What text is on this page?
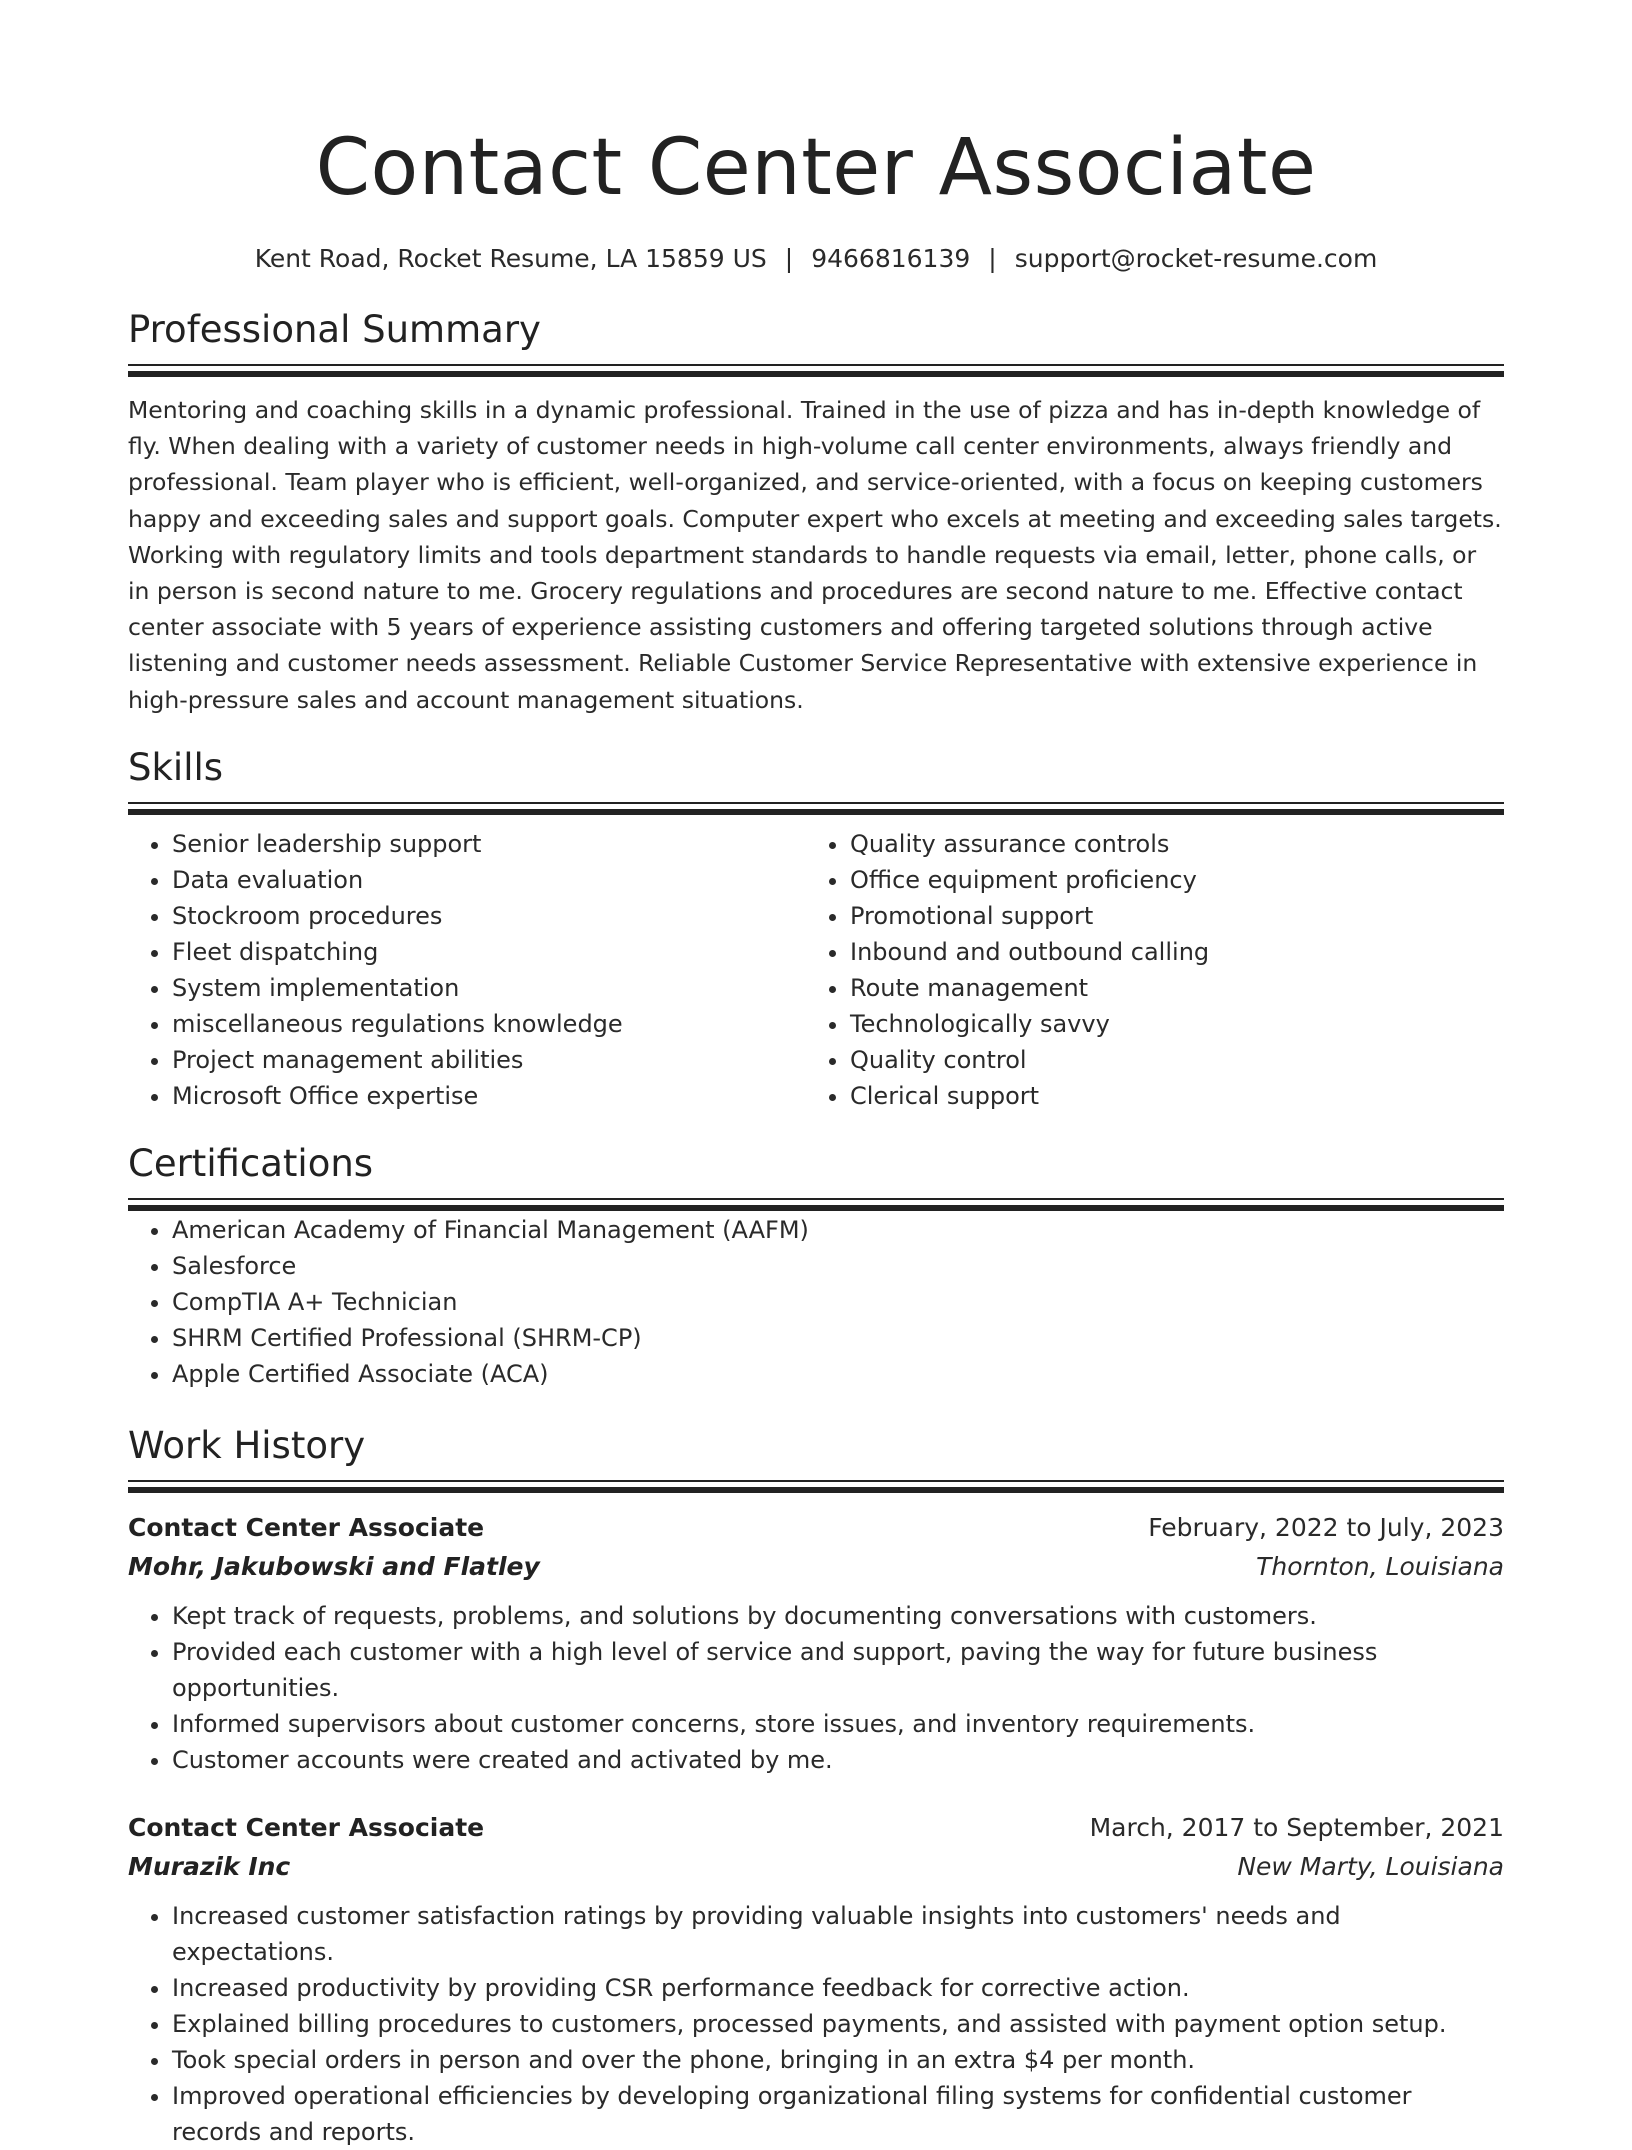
Contact Center Associate
Kent Road, Rocket Resume, LA 15859 US | 9466816139 | support@rocket-resume.com
Professional Summary
Mentoring and coaching skills in a dynamic professional. Trained in the use of pizza and has in-depth knowledge of fly. When dealing with a variety of customer needs in high-volume call center environments, always friendly and professional. Team player who is efficient, well-organized, and service-oriented, with a focus on keeping customers happy and exceeding sales and support goals. Computer expert who excels at meeting and exceeding sales targets. Working with regulatory limits and tools department standards to handle requests via email, letter, phone calls, or in person is second nature to me. Grocery regulations and procedures are second nature to me. Effective contact center associate with 5 years of experience assisting customers and offering targeted solutions through active listening and customer needs assessment. Reliable Customer Service Representative with extensive experience in high-pressure sales and account management situations.
Skills
• Senior leadership support
• Data evaluation
• Stockroom procedures
• Fleet dispatching
• System implementation
• miscellaneous regulations knowledge
• Project management abilities
• Microsoft Office expertise
• Quality assurance controls
• Office equipment proficiency
• Promotional support
• Inbound and outbound calling
• Route management
• Technologically savvy
• Quality control
• Clerical support
Certifications
• American Academy of Financial Management (AAFM)
• Salesforce
• CompTIA A+ Technician
• SHRM Certified Professional (SHRM-CP)
• Apple Certified Associate (ACA)
Work History
Contact Center Associate	February, 2022 to July, 2023
Mohr, Jakubowski and Flatley	Thornton, Louisiana
• Kept track of requests, problems, and solutions by documenting conversations with customers.
• Provided each customer with a high level of service and support, paving the way for future business opportunities.
• Informed supervisors about customer concerns, store issues, and inventory requirements.
• Customer accounts were created and activated by me.
Contact Center Associate	March, 2017 to September, 2021
Murazik Inc	New Marty, Louisiana
• Increased customer satisfaction ratings by providing valuable insights into customers' needs and expectations.
• Increased productivity by providing CSR performance feedback for corrective action.
• Explained billing procedures to customers, processed payments, and assisted with payment option setup.
• Took special orders in person and over the phone, bringing in an extra $4 per month.
• Improved operational efficiencies by developing organizational filing systems for confidential customer records and reports.
